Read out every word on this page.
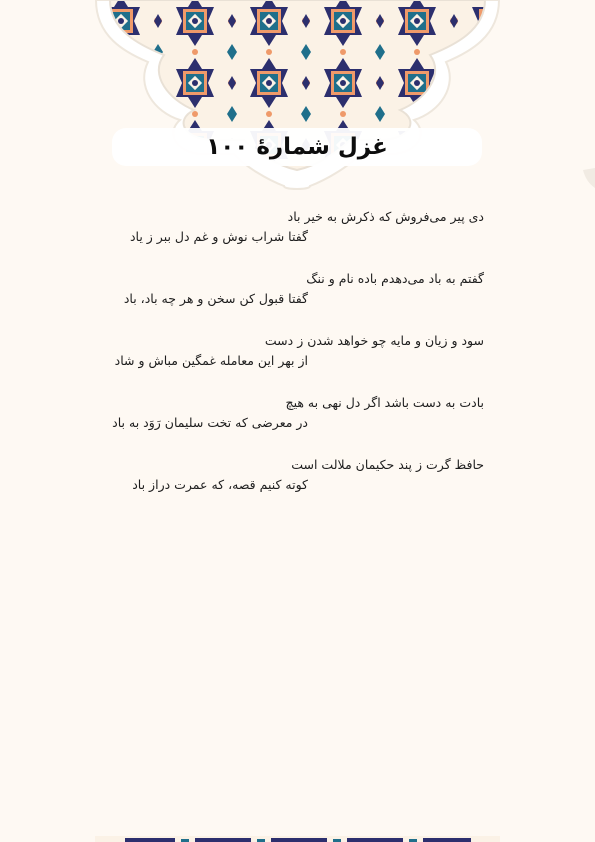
غزل شمارهٔ ۱۰۰
دی پیر می‌فروش که ذکرش به خیر باد
گفتا شراب نوش و غم دل ببر ز یاد
گفتم به باد می‌دهدم باده نام و ننگ
گفتا قبول کن سخن و هر چه باد، باد
سود و زیان و مایه چو خواهد شدن ز دست
از بهر این معامله غمگین مباش و شاد
بادت به دست باشد اگر دل نهی به هیچ
در معرضی که تخت سلیمان رَوَد به باد
حافظ گرت ز پند حکیمان ملالت است
کوته کنیم قصه، که عمرت دراز باد
